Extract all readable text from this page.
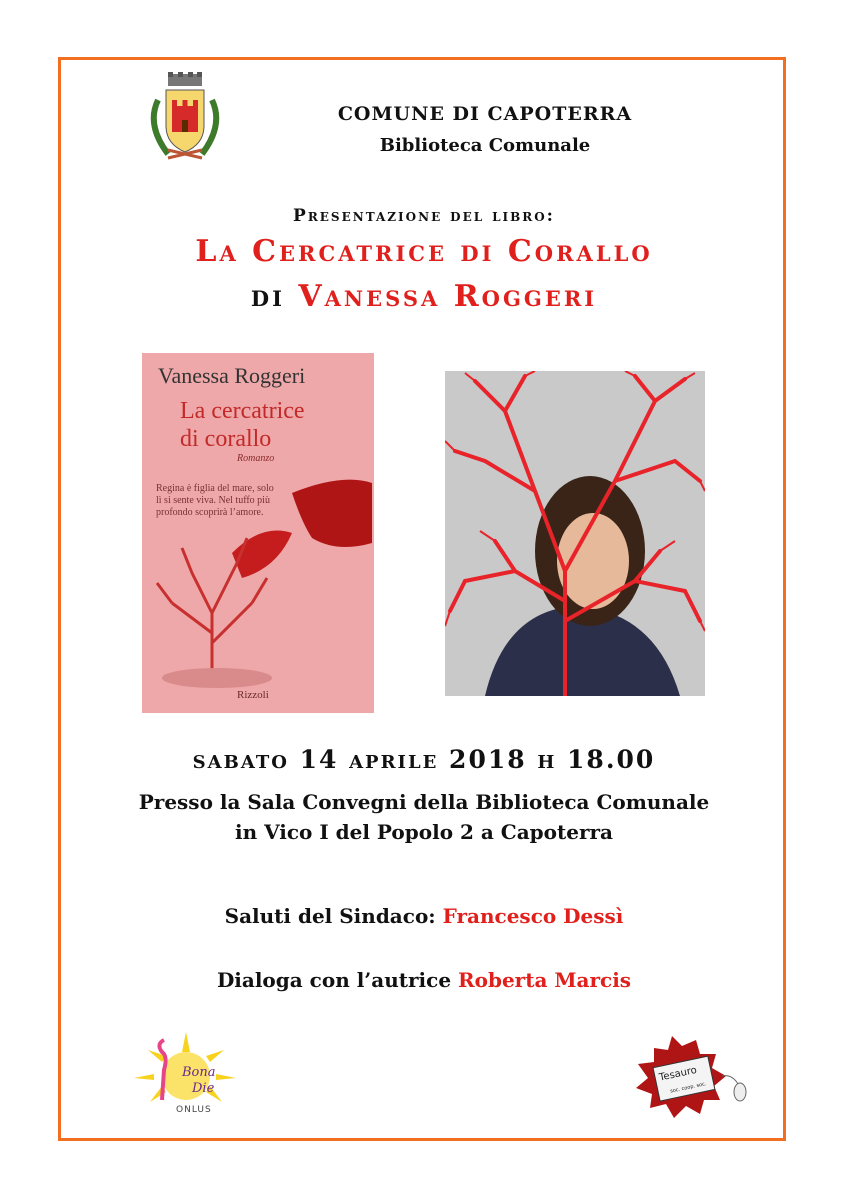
COMUNE DI CAPOTERRA
Biblioteca Comunale
Presentazione del libro:
La Cercatrice di Corallo
di Vanessa Roggeri
Vanessa Roggeri
La cercatrice
di corallo
Romanzo
Regina è figlia del mare, solo lì si sente viva. Nel tuffo più profondo scoprirà l’amore.
Rizzoli
sabato 14 aprile 2018 h 18.00
Presso la Sala Convegni della Biblioteca Comunale
in Vico I del Popolo 2 a Capoterra
Saluti del Sindaco: Francesco Dessì
Dialoga con l’autrice Roberta Marcis
Bona
Die
ONLUS
Tesauro
soc. coop. soc.
